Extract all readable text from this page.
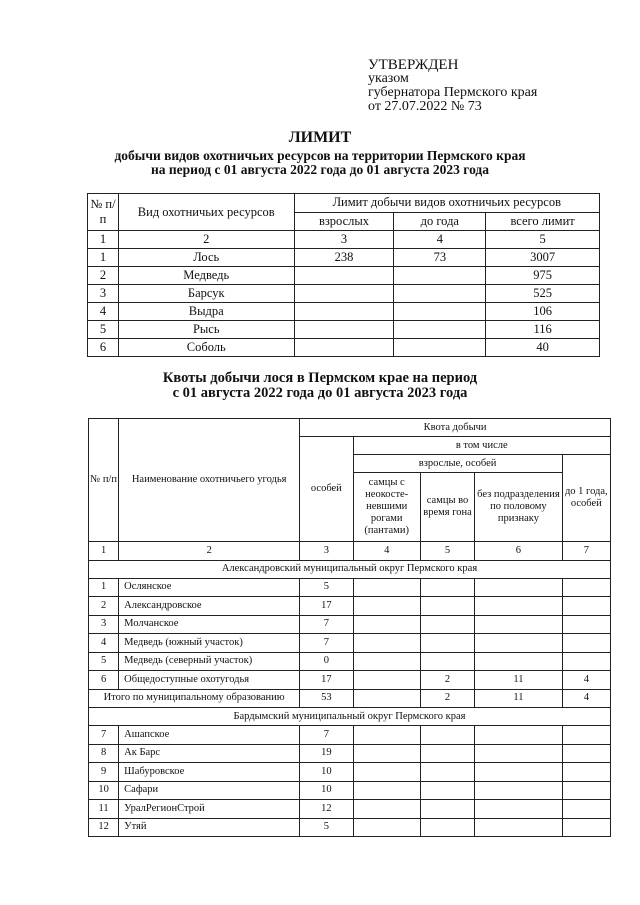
УТВЕРЖДЕН
указом
губернатора Пермского края
от 27.07.2022 № 73
ЛИМИТ
добычи видов охотничьих ресурсов на территории Пермского края
на период с 01 августа 2022 года до 01 августа 2023 года
№ п/п	Вид охотничьих ресурсов	Лимит добычи видов охотничьих ресурсов		
		взрослых	до года	всего лимит
1	2	3	4	5
1	Лось	238	73	3007
2	Медведь			975
3	Барсук			525
4	Выдра			106
5	Рысь			116
6	Соболь			40
Квоты добычи лося в Пермском крае на период
с 01 августа 2022 года до 01 августа 2023 года
№ п/п	Наименование охотничьего угодья	Квота добычи				
		особей	в том числе			
			взрослые, особей			до 1 года, особей
			самцы с неокосте-невшими рогами (пантами)	самцы во время гона	без подразделения по половому признаку	
1	2	3	4	5	6	7
Александровский муниципальный округ Пермского края						
1	Ослянское	5				
2	Александровское	17				
3	Молчанское	7				
4	Медведь (южный участок)	7				
5	Медведь (северный участок)	0				
6	Общедоступные охотугодья	17		2	11	4
Итого по муниципальному образованию		53		2	11	4
Бардымский муниципальный округ Пермского края						
7	Ашапское	7				
8	Ак Барс	19				
9	Шабуровское	10				
10	Сафари	10				
11	УралРегионСтрой	12				
12	Утяй	5				
